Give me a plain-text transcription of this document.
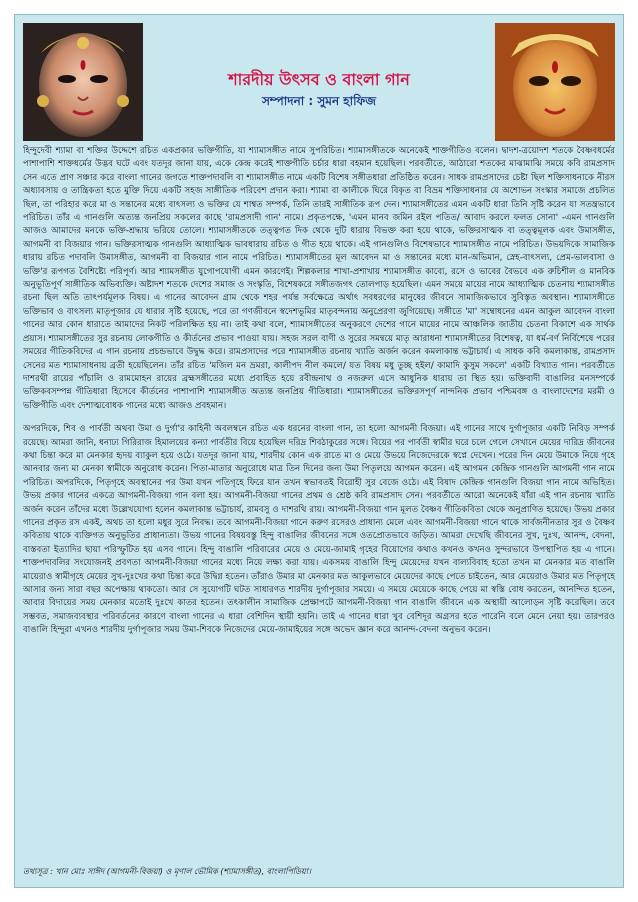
শারদীয় উৎসব ও বাংলা গান
সম্পাদনা : সুমন হাফিজ

হিন্দুদেবী শ্যামা বা শক্তির উদ্দেশে রচিত একপ্রকার ভক্তিগীতি, যা শ্যামাসঙ্গীত নামে সুপরিচিত। শ্যামাসঙ্গীতকে অনেকেই শাক্তগীতিও বলেন। দ্বাদশ-ত্রয়োদশ শতকে বৈষ্ণবধর্মের পাশাপাশি শাক্তধর্মের উদ্ভব ঘটে এবং যতদূর জানা যায়, একে কেন্দ্র করেই শাক্তগীতি চর্চার ধারা বহমান হয়েছিল। পরবর্তীতে, আঠারো শতকের মাঝামাঝি সময়ে কবি রামপ্রসাদ সেন এতে প্রাণ সঞ্চার করে বাংলা গানের জগতে শাক্তপদাবলি বা শ্যামাসঙ্গীত নামে একটি বিশেষ সঙ্গীতধারা প্রতিষ্ঠিত করেন। সাধক রামপ্রসাদের চেষ্টা ছিল শক্তিসাধনাকে নীরস অধ্যাবসায় ও তান্ত্রিকতা হতে মুক্তি দিয়ে একটি সহজ সাঙ্গীতিক পরিবেশ প্রদান করা। শ্যামা বা কালীকে ঘিরে বিকৃত বা বিভ্রম শক্তিসাধনার যে অশোভন সংস্কার সমাজে প্রচলিত ছিল, তা পরিহার করে মা ও সন্তানের মধ্যে বাৎসল্য ও ভক্তির যে শাশ্বত সম্পর্ক, তিনি তারই সাঙ্গীতিক রূপ দেন। শ্যামাসঙ্গীতের এমন একটি ধারা তিনি সৃষ্টি করেন যা সতন্ত্রভাবে পরিচিত। তাঁর এ গানগুলি অত্যন্ত জনপ্রিয় সকলের কাছে 'রামপ্রসাদী গান' নামে। প্রকৃতপক্ষে, 'এমন মানব জমিন রইল পতিত/ আবাদ করলে ফলত সোনা' -এমন গানগুলি আজও আমাদের মনকে ভক্তি-শ্রদ্ধায় ভরিয়ে তোলে। শ্যামাসঙ্গীতকে তত্ত্বগত দিক থেকে দুটি ধারায় বিভক্ত করা হয়ে থাকে, ভক্তিরসাত্মক বা তত্ত্বমূলক এবং উমাসঙ্গীত, আগমনী বা বিজয়ার গান। ভক্তিরসাত্মক গানগুলি আধ্যাত্মিক ভাবধারায় রচিত ও গীত হয়ে থাকে। এই গানগুলিও বিশেষভাবে শ্যামাসঙ্গীত নামে পরিচিত। উভয়দিকে সামাজিক ধারায় রচিত পদাবলি উমাসঙ্গীত, আগমনী বা বিজয়ার গান নামে পরিচিত। শ্যামাসঙ্গীতের মূল আবেদন মা ও সন্তানের মধ্যে মান-অভিমান, স্নেহ-বাৎসল্য, প্রেম-ভালবাসা ও ভক্তি'র রূপগত বৈশিষ্ট্যে পরিপূর্ণ। আর শ্যামসঙ্গীত যুগোপযোগী এমন কারণেই। শিল্পকলার শাখা-প্রশাখায় শ্যামাসঙ্গীত কাব্যে, রসে ও ভাবের বৈভবে এক রুচিশীল ও মানবিক অনুভূতিপূর্ণ সাঙ্গীতিক অভিব্যক্তি। অষ্টাদশ শতকে দেশের সমাজ ও সংস্কৃতি, বিশেষকরে সঙ্গীতজগৎ তোলপাড় হয়েছিল। এমন সময়ে মায়ের নামে আধ্যাত্মিক চেতনায় শ্যামাসঙ্গীত রচনা ছিল অতি তাৎপর্যমূলক বিষয়। এ গানের আবেদন গ্রাম থেকে শহর পর্যন্ত সর্বক্ষেত্রে অর্থাৎ সবধরণের মানুষের জীবনে সামাজিকভাবে সুবিস্তৃত অবস্থান। শ্যামাসঙ্গীতে ভক্তিভাব ও বাৎসল্য মাতৃপূজার যে ধারার সৃষ্টি হয়েছে, পরে তা গণজীবনে স্বদেশভূমির মাতৃবন্দনায় অনুপ্রেরণা জুগিয়েছে। সঙ্গীতে 'মা' সম্বোধনের এমন আকুল আবেদন বাংলা গানের আর কোন ধারাতে আমাদের নিকট পরিলক্ষিত হয় না। তাই কথা বলে, শ্যামাসঙ্গীতের অনুকরণে দেশের গানে মায়ের নামে আঞ্চলিক জাতীয় চেতনা বিকাশে এক সার্থক প্রয়াস। শ্যামাসঙ্গীতের সুর রচনায় লোকগীতি ও কীর্তনের প্রভাব পাওয়া যায়। সহজ সরল বাণী ও সুরের সমন্বয়ে মাতৃ আরাধনা শ্যামাসঙ্গীতের বিশেষত্ব, যা ধর্ম-বর্ণ নির্বিশেষে পরের সময়ের গীতিকবিদের এ গান রচনায় প্রচন্ডভাবে উদ্বুদ্ধ করে। রামপ্রসাদের পরে শ্যামাসঙ্গীত রচনায় খ্যাতি অর্জন করেন কমলাকান্ত ভট্টাচার্য। এ সাধক কবি কমলাকান্ত, রামপ্রসাদ সেনের মত শ্যামাসাধনায় ব্রতী হয়েছিলেন। তাঁর রচিত 'মজিল মন ভ্রমরা, কালীপদ নীল কমলে/ যত বিষয় মধু তুচ্ছ হইল/ কামাদি কুসুম সকলে' একটি বিখ্যাত গান। পরবর্তীতে দাশরথী রায়ের পাঁচালি ও রামমোহন রায়ের ব্রহ্মসঙ্গীতের মধ্যে প্রবাহিত হয়ে রবীন্দ্রনাথ ও নজরুল এসে আধুনিক ধারায় তা স্থিত হয়। ভক্তিবাদী বাঙালির মনসম্পর্কে ভক্তিকবসম্পন্ন গীতিধারা হিসেবে কীর্তনের পাশাপাশি শ্যামাসঙ্গীত অত্যন্ত জনপ্রিয় গীতিধারা। শ্যামাসঙ্গীতের ভক্তিরসপূর্ণ নান্দনিক প্রভাব পশ্চিমবঙ্গ ও বাংলাদেশের মরমী ও ভক্তিগীতি এবং দেশাত্মবোধক গানের মধ্যে আজও প্রবহমান।

অপরদিকে, শিব ও পার্বতী অথবা উমা ও দুর্গা'র কাহিনী অবলম্বনে রচিত এক ধরনের বাংলা গান, তা হলো আগমনী বিজয়া। এই গানের সাথে দুর্গাপূজার একটি নিবিড় সম্পর্ক রয়েছে। আমরা জানি, ধনাঢ্য গিরিরাজ হিমালয়ের কন্যা পার্বতীর বিয়ে হয়েছিল দরিদ্র শিবঠাকুরের সঙ্গে। বিয়ের পর পার্বতী স্বামীর ঘরে চলে গেলে সেখানে মেয়ের দারিদ্র জীবনের কথা চিন্তা করে মা মেনকার হৃদয় ব্যাকুল হয়ে ওঠে। যতদূর জানা যায়, শারদীয় কোন এক রাতে মা ও মেয়ে উভয়ে নিজেদেরকে স্বপ্নে দেখেন। পরের দিন মেয়ে উমাকে নিয়ে গৃহে আনবার জন্য মা মেনকা স্বামীকে অনুরোধ করেন। পিতা-মাতার অনুরোধে মাত্র তিন দিনের জন্য উমা পিতৃলয়ে আগমন করেন। এই আগমন কেন্দ্রিক গানগুলি আগমনী গান নামে পরিচিত। অপরদিকে, পিতৃগৃহে অবস্থানের পর উমা যখন পতিগৃহে ফিরে যান তখন স্বভাবতই বিরোহী সুর বেজে ওঠে। এই বিষাদ কেন্দ্রিক গানগুলি বিজয়া গান নামে অভিহিত। উভয় প্রকার গানের একত্রে আগমনী-বিজয়া গান বলা হয়। আগমনী-বিজয়া গানের প্রথম ও শ্রেষ্ঠ কবি রামপ্রসাদ সেন। পরবর্তীতে আরো অনেকেই যাঁরা এই গান রচনায় খ্যাতি অর্জন করেন তাঁদের মধ্যে উল্লেখযোগ্য হলেন কমলাকান্ত ভট্টাচার্য, রামবসু ও দাশরথি রায়। আগমনী-বিজয়া গান মূলত বৈষ্ণব গীতিকবিতা থেকে অনুপ্রাণিত হয়েছে। উভয় প্রকার গানের প্রকৃত রস একই, অথচ তা হলো মধুর সুরে নিবদ্ধ। তবে আগমনী-বিজয়া গানে করুণ রসেরও প্রাধান্য মেলে এবং আগমনী-বিজয়া গানে থাকে সার্বজনীনতার সুর ও বৈষ্ণব কবিতায় থাকে ব্যক্তিগত অনুভূতির প্রাধান্যতা। উভয় গানের বিষয়বস্তু হিন্দু বাঙালির জীবনের সঙ্গে ওতপ্রোতভাবে জড়িত। আমরা দেখেছি জীবনের সুখ, দুঃখ, আনন্দ, বেদনা, বাস্তবতা ইত্যাদির ছায়া পরিস্ফুটিত হয় এসব গানে। হিন্দু বাঙালি পরিবারের মেয়ে ও মেয়ে-জামাই গৃহের বিয়োগের কথাও কখনও কখনও সুন্দরভাবে উপস্থাপিত হয় এ গানে। শাক্তপদাবলির সংযোজনই প্রবণতা আগমনী-বিজয়া গানের মধ্যে নিয়ে লক্ষ্য করা যায়। একসময় বাঙালি হিন্দু মেয়েদের যখন বাল্যবিবাহ হতো তখন মা মেনকার মত বাঙালি মায়েরাও স্বামীগৃহে মেয়ের সুখ-দুঃখের কথা চিন্তা করে উদ্বিগ্ন হতেন। তাঁরাও উমার মা মেনকার মত আকুলভাবে মেয়েদের কাছে পেতে চাইতেন, আর মেয়েরাও উমার মত পিতৃগৃহে আসার জন্য সারা বছর অপেক্ষায় থাকতো। আর সে সুযোগটি ঘটত সাধারণত শারদীয় দুর্গাপূজার সময়ে। এ সময়ে মেয়েকে কাছে পেয়ে মা স্বস্তি বোধ করতেন, আনন্দিত হতেন, আবার বিদায়ের সময় মেনকার মতোই দুঃখে কাতর হতেন। তৎকালীন সামাজিক প্রেক্ষাপটে আগমনী-বিজয়া গান বাঙালি জীবনে এক অস্থায়ী আলোড়ন সৃষ্টি করেছিল। তবে সম্ভবত, সমাজব্যবস্থার পরিবর্তনের কারণে বাংলা গানের এ ধারা বেশিদিন স্থায়ী হয়নি। তাই এ গানের ধারা খুব বেশিদূর অগ্রসর হতে পারেনি বলে মেনে নেয়া হয়। তারপরও বাঙালি হিন্দুরা এখনও শারদীয় দুর্গাপূজার সময় উমা-শিবকে নিজেদের মেয়ে-জামাইয়ের সঙ্গে অভেদ জ্ঞান করে আনন্দ-বেদনা অনুভব করেন।

তথ্যসূত্র : খান মোঃ সাঈদ (আগমনী-বিজয়া) ও মৃণাল ভৌমিক (শ্যামাসঙ্গীত), বাংলাপিডিয়া।
